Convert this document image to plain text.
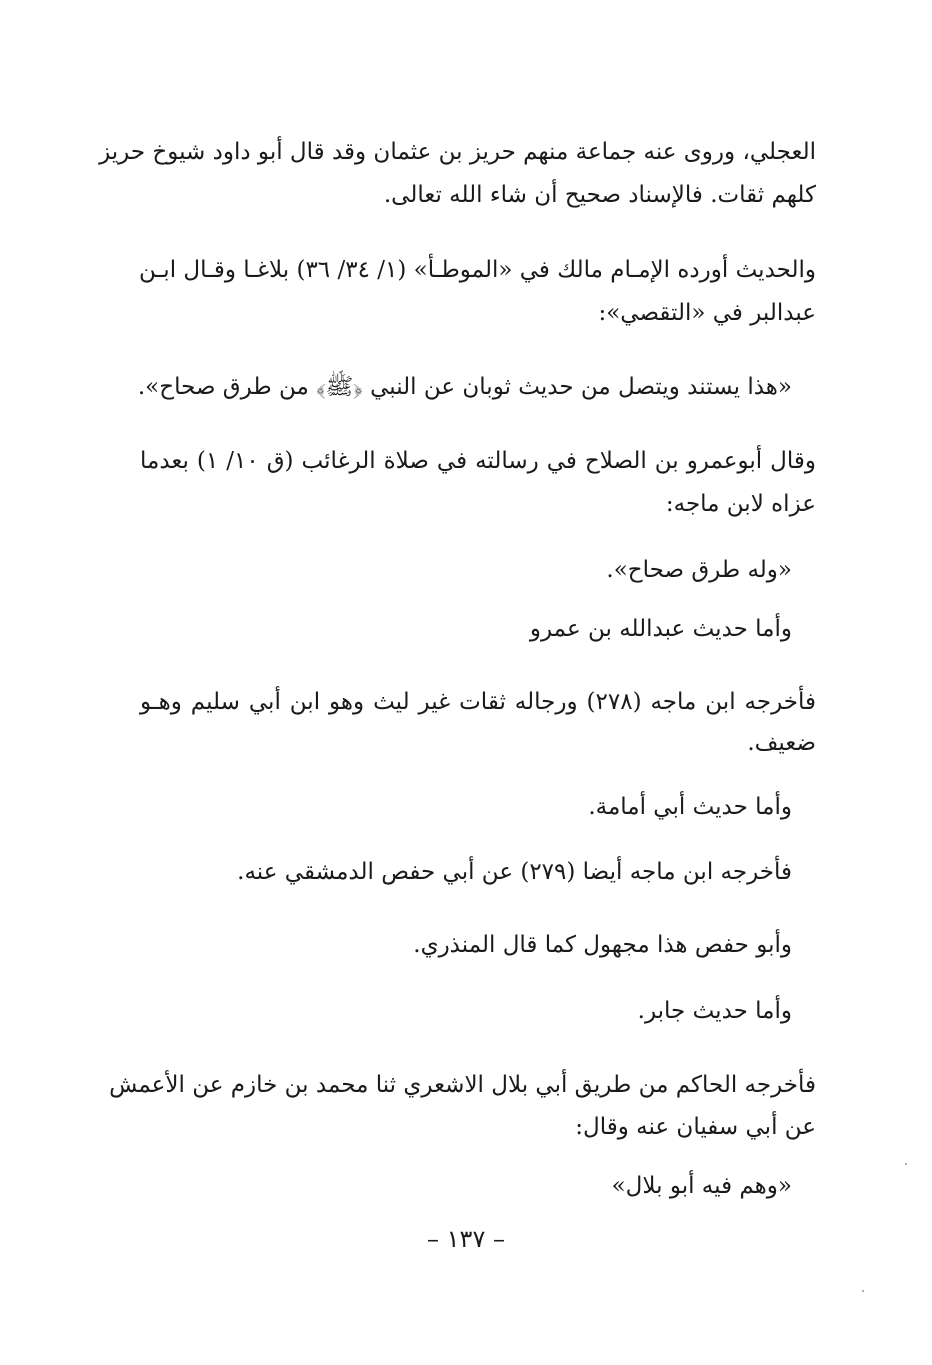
العجلي، وروى عنه جماعة منهم حريز بن عثمان وقد قال أبو داود شيوخ حريز
كلهم ثقات. فالإسناد صحيح أن شاء الله تعالى.
والحديث أورده الإمـام مالك في «الموطـأ» (١/ ٣٤/ ٣٦) بلاغـا وقـال ابـن
عبدالبر في «التقصي»:
«هذا يستند ويتصل من حديث ثوبان عن النبي ﴿ﷺ﴾ من طرق صحاح».
وقال أبوعمرو بن الصلاح في رسالته في صلاة الرغائب (ق ١٠/ ١) بعدما
عزاه لابن ماجه:
«وله طرق صحاح».
وأما حديث عبدالله بن عمرو
فأخرجه ابن ماجه (٢٧٨) ورجاله ثقات غير ليث وهو ابن أبي سليم وهـو
ضعيف.
وأما حديث أبي أمامة.
فأخرجه ابن ماجه أيضا (٢٧٩) عن أبي حفص الدمشقي عنه.
وأبو حفص هذا مجهول كما قال المنذري.
وأما حديث جابر.
فأخرجه الحاكم من طريق أبي بلال الاشعري ثنا محمد بن خازم عن الأعمش
عن أبي سفيان عنه وقال:
«وهم فيه أبو بلال»
– ١٣٧ –
